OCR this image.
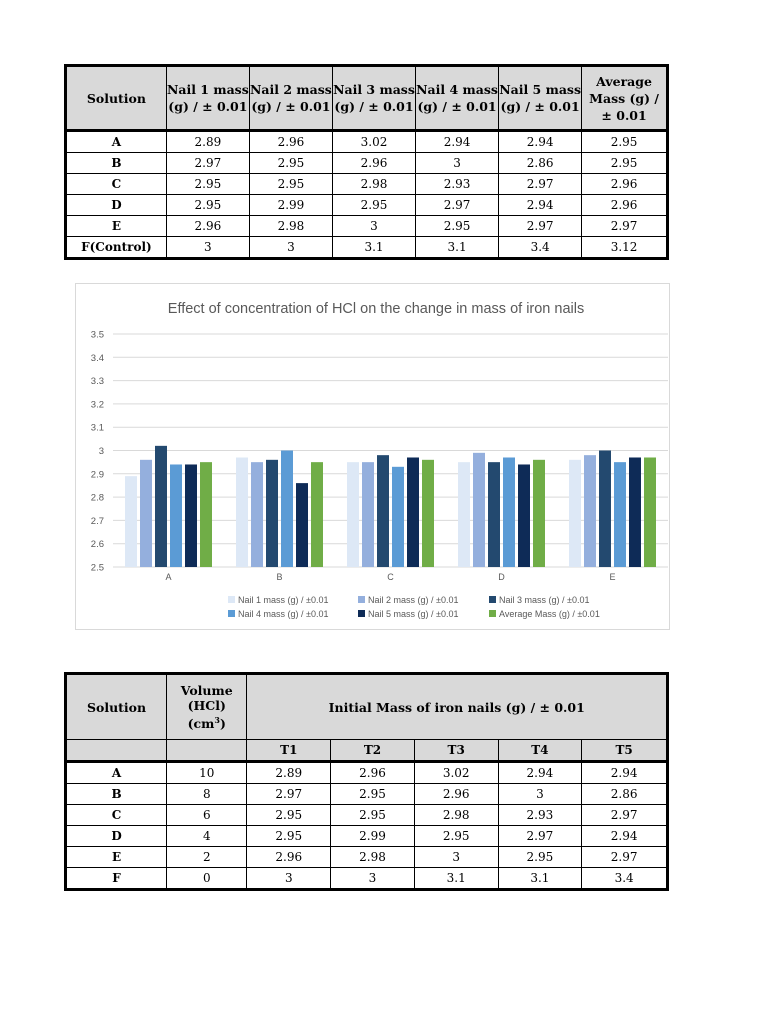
Solution	Nail 1 mass (g) / ± 0.01	Nail 2 mass (g) / ± 0.01	Nail 3 mass (g) / ± 0.01	Nail 4 mass (g) / ± 0.01	Nail 5 mass (g) / ± 0.01	Average Mass (g) / ± 0.01
A	2.89	2.96	3.02	2.94	2.94	2.95
B	2.97	2.95	2.96	3	2.86	2.95
C	2.95	2.95	2.98	2.93	2.97	2.96
D	2.95	2.99	2.95	2.97	2.94	2.96
E	2.96	2.98	3	2.95	2.97	2.97
F(Control)	3	3	3.1	3.1	3.4	3.12
Effect of concentration of HCl on the change in mass of iron nails
2.5
2.6
2.7
2.8
2.9
3
3.1
3.2
3.3
3.4
3.5
A	B	C	D	E
Nail 1 mass (g) / ±0.01	Nail 2 mass (g) / ±0.01	Nail 3 mass (g) / ±0.01
Nail 4 mass (g) / ±0.01	Nail 5 mass (g) / ±0.01	Average Mass (g) / ±0.01
Solution	Volume (HCl) $(cm^3)$	Initial Mass of iron nails (g) / ± 0.01				
		T1	T2	T3	T4	T5
A	10	2.89	2.96	3.02	2.94	2.94
B	8	2.97	2.95	2.96	3	2.86
C	6	2.95	2.95	2.98	2.93	2.97
D	4	2.95	2.99	2.95	2.97	2.94
E	2	2.96	2.98	3	2.95	2.97
F	0	3	3	3.1	3.1	3.4
